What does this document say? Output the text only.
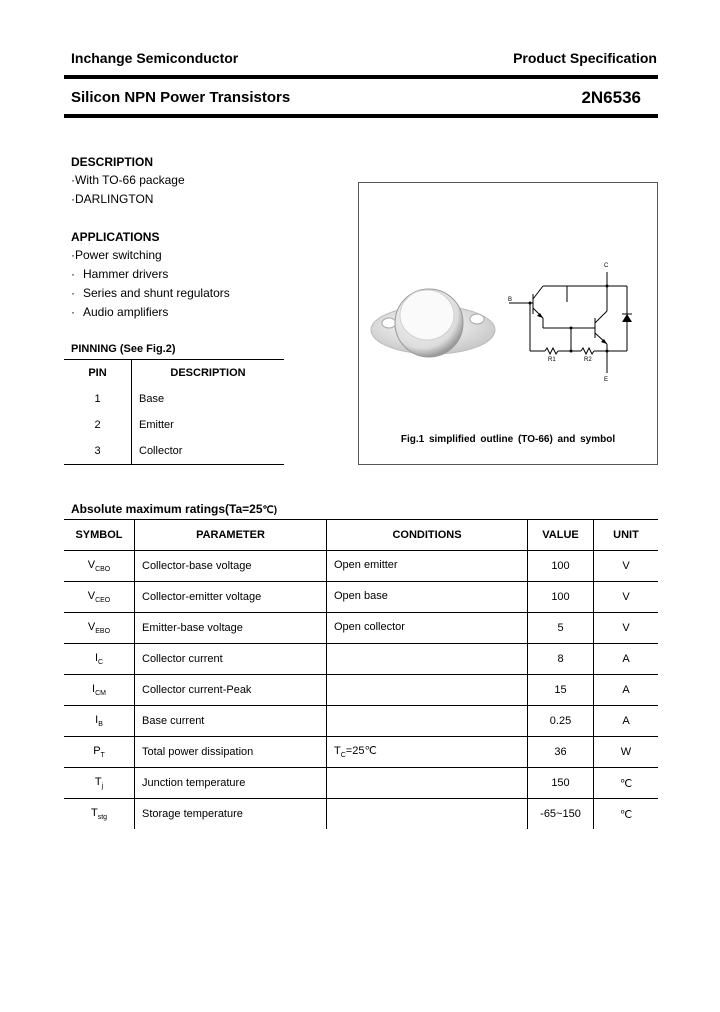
Inchange Semiconductor	Product Specification
Silicon NPN Power Transistors	2N6536
DESCRIPTION
·With TO-66 package
·DARLINGTON
APPLICATIONS
·Power switching
· Hammer drivers
· Series and shunt regulators
· Audio amplifiers
PINNING (See Fig.2)
PIN	DESCRIPTION
1	Base
2	Emitter
3	Collector
C
B
E
R1	R2
Fig.1 simplified outline (TO-66) and symbol
Absolute maximum ratings(Ta=25℃)
SYMBOL	PARAMETER	CONDITIONS	VALUE	UNIT
$V_{CBO}$	Collector-base voltage	Open emitter	100	V
$V_{CEO}$	Collector-emitter voltage	Open base	100	V
$V_{EBO}$	Emitter-base voltage	Open collector	5	V
$I_C$	Collector current		8	A
$I_{CM}$	Collector current-Peak		15	A
$I_B$	Base current		0.25	A
$P_T$	Total power dissipation	$T_C=25℃$	36	W
$T_j$	Junction temperature		150	℃
$T_{stg}$	Storage temperature		-65~150	℃
